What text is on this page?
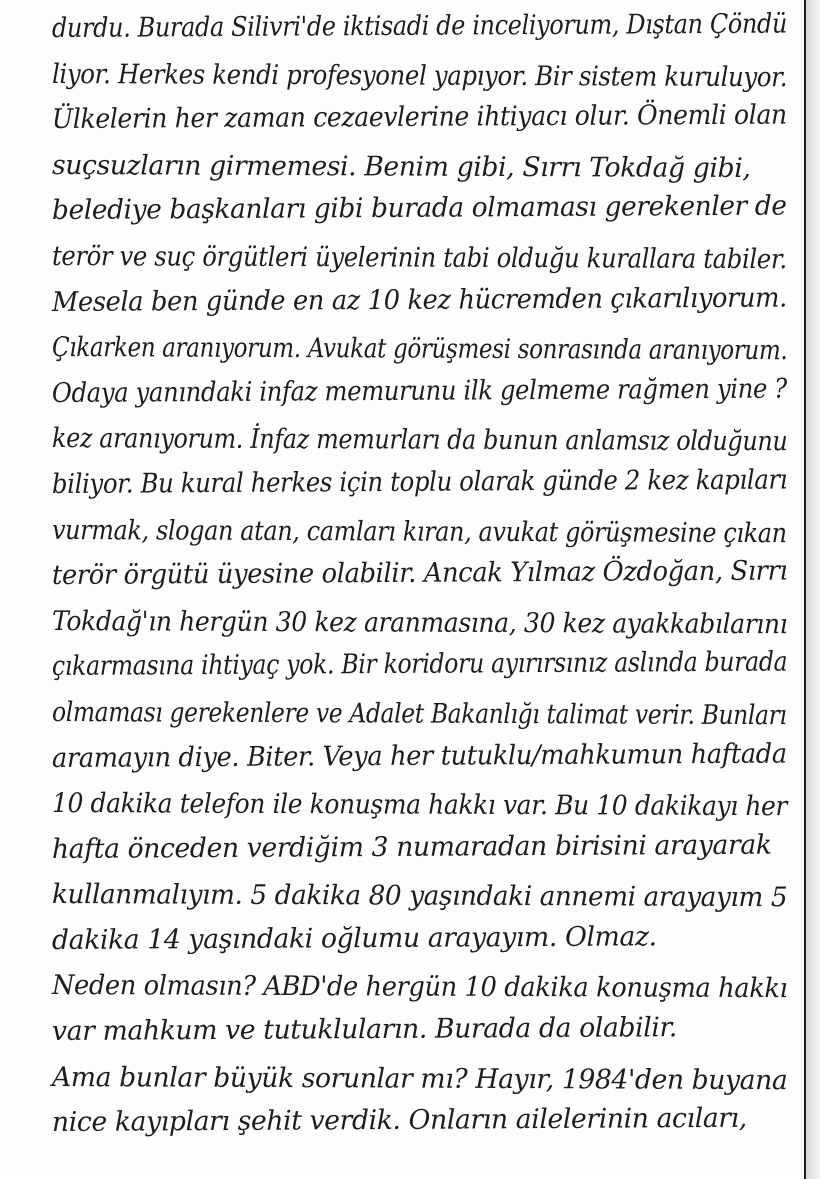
durdu. Burada Silivri'de iktisadi de inceliyorum, Dıştan Çöndü
liyor. Herkes kendi profesyonel yapıyor. Bir sistem kuruluyor.
Ülkelerin her zaman cezaevlerine ihtiyacı olur. Önemli olan
suçsuzların girmemesi. Benim gibi, Sırrı Tokdağ gibi,
belediye başkanları gibi burada olmaması gerekenler de
terör ve suç örgütleri üyelerinin tabi olduğu kurallara tabiler.
Mesela ben günde en az 10 kez hücremden çıkarılıyorum.
Çıkarken aranıyorum. Avukat görüşmesi sonrasında aranıyorum.
Odaya yanındaki infaz memurunu ilk gelmeme rağmen yine ?
kez aranıyorum. İnfaz memurları da bunun anlamsız olduğunu
biliyor. Bu kural herkes için toplu olarak günde 2 kez kapıları
vurmak, slogan atan, camları kıran, avukat görüşmesine çıkan
terör örgütü üyesine olabilir. Ancak Yılmaz Özdoğan, Sırrı
Tokdağ'ın hergün 30 kez aranmasına, 30 kez ayakkabılarını
çıkarmasına ihtiyaç yok. Bir koridoru ayırırsınız aslında burada
olmaması gerekenlere ve Adalet Bakanlığı talimat verir. Bunları
aramayın diye. Biter. Veya her tutuklu/mahkumun haftada
10 dakika telefon ile konuşma hakkı var. Bu 10 dakikayı her
hafta önceden verdiğim 3 numaradan birisini arayarak
kullanmalıyım. 5 dakika 80 yaşındaki annemi arayayım 5
dakika 14 yaşındaki oğlumu arayayım. Olmaz.
Neden olmasın? ABD'de hergün 10 dakika konuşma hakkı
var mahkum ve tutukluların. Burada da olabilir.
Ama bunlar büyük sorunlar mı? Hayır, 1984'den buyana
nice kayıpları şehit verdik. Onların ailelerinin acıları,
